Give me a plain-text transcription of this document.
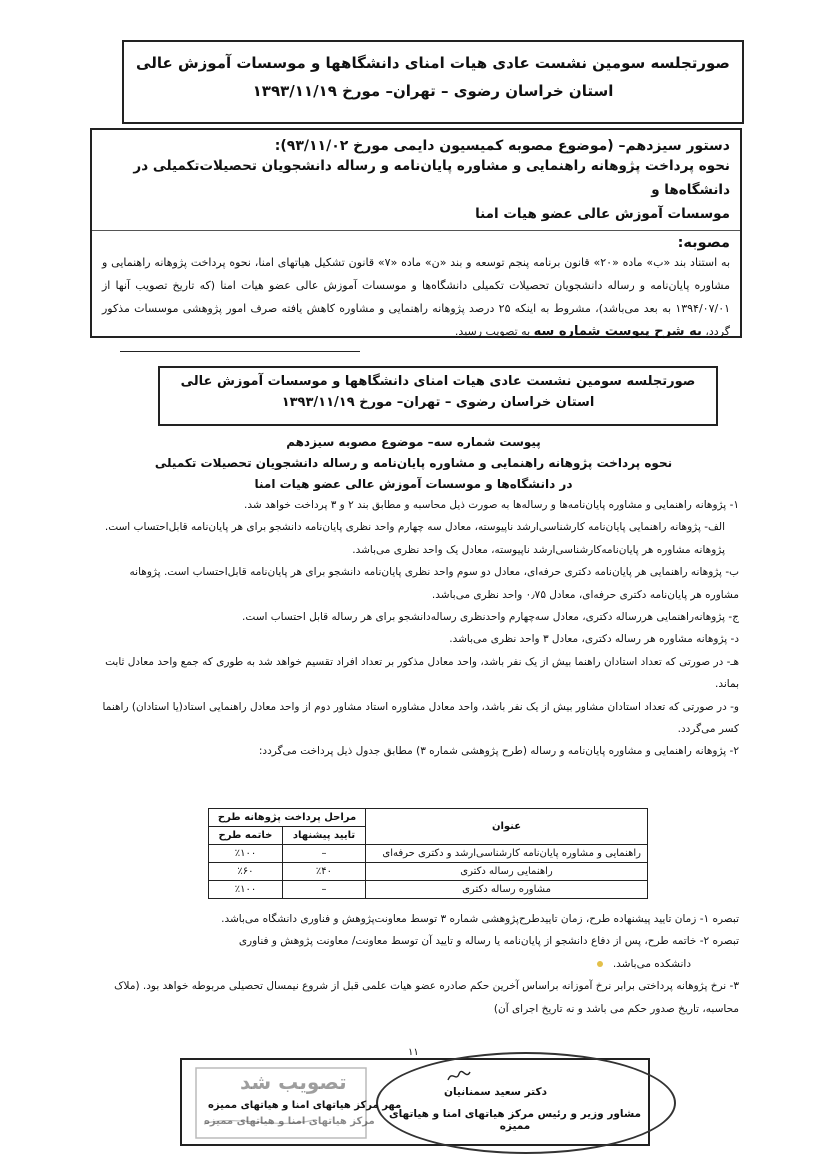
صورتجلسه سومین نشست عادی هیات امنای دانشگاهها و موسسات آموزش عالی
استان خراسان رضوی – تهران– مورخ ۱۳۹۳/۱۱/۱۹
دستور سیزدهم– (موضوع مصوبه کمیسیون دایمی مورخ ۹۳/۱۱/۰۲):
نحوه پرداخت پژوهانه راهنمایی و مشاوره پایان‌نامه و رساله دانشجویان تحصیلات‌تکمیلی در دانشگاه‌ها و
موسسات آموزش عالی عضو هیات امنا
مصوبه:
به استناد بند «ب» ماده «۲۰» قانون برنامه پنجم توسعه و بند «ن» ماده «۷» قانون تشکیل هیاتهای امنا، نحوه پرداخت پژوهانه راهنمایی و مشاوره پایان‌نامه و رساله دانشجویان تحصیلات تکمیلی دانشگاه‌ها و موسسات آموزش عالی عضو هیات امنا (که تاریخ تصویب آنها از ۱۳۹۴/۰۷/۰۱ به بعد می‌باشد)، مشروط به اینکه ۲۵ درصد پژوهانه راهنمایی و مشاوره کاهش یافته صرف امور پژوهشی موسسات مذکور گردد، به شرح پیوست شماره سه به تصویب رسید.
صورتجلسه سومین نشست عادی هیات امنای دانشگاهها و موسسات آموزش عالی
استان خراسان رضوی – تهران– مورخ ۱۳۹۳/۱۱/۱۹
پیوست شماره سه– موضوع مصوبه سیزدهم
نحوه پرداخت پژوهانه راهنمایی و مشاوره پایان‌نامه و رساله دانشجویان تحصیلات تکمیلی
در دانشگاه‌ها و موسسات آموزش عالی عضو هیات امنا

۱- پژوهانه راهنمایی و مشاوره پایان‌نامه‌ها و رساله‌ها به صورت ذیل محاسبه و مطابق بند ۲ و ۳ پرداخت خواهد شد.

الف- پژوهانه راهنمایی پایان‌نامه کارشناسی‌ارشد ناپیوسته، معادل سه چهارم واحد نظری پایان‌نامه دانشجو برای هر پایان‌نامه قابل‌احتساب است. پژوهانه مشاوره هر پایان‌نامه‌کارشناسی‌ارشد ناپیوسته، معادل یک واحد نظری می‌باشد.

ب- پژوهانه راهنمایی هر پایان‌نامه دکتری حرفه‌ای، معادل دو سوم واحد نظری پایان‌نامه دانشجو برای هر پایان‌نامه قابل‌احتساب است. پژوهانه مشاوره هر پایان‌نامه دکتری حرفه‌ای، معادل ۰٫۷۵ واحد نظری می‌باشد.

ج- پژوهانه‌راهنمایی هررساله دکتری، معادل سه‌چهارم واحدنظری رساله‌دانشجو برای هر رساله قابل احتساب است.

د- پژوهانه مشاوره هر رساله دکتری، معادل ۳ واحد نظری می‌باشد.

هـ- در صورتی که تعداد استادان راهنما بیش از یک نفر باشد، واحد معادل مذکور بر تعداد افراد تقسیم خواهد شد به طوری که جمع واحد معادل ثابت بماند.

و- در صورتی که تعداد استادان مشاور بیش از یک نفر باشد، واحد معادل مشاوره استاد مشاور دوم از واحد معادل راهنمایی استاد(یا استادان) راهنما کسر می‌گردد.

۲- پژوهانه راهنمایی و مشاوره پایان‌نامه و رساله (طرح پژوهشی شماره ۳) مطابق جدول ذیل پرداخت می‌گردد:

عنوان	مراحل پرداخت پژوهانه طرح	
	تایید پیشنهاد	خاتمه طرح
راهنمایی و مشاوره پایان‌نامه کارشناسی‌ارشد و دکتری حرفه‌ای	–	٪۱۰۰
راهنمایی رساله دکتری	٪۴۰	٪۶۰
مشاوره رساله دکتری	–	٪۱۰۰

تبصره ۱- زمان تایید پیشنهاده طرح، زمان تاییدطرح‌پژوهشی شماره ۳ توسط معاونت‌پژوهش و فناوری دانشگاه می‌باشد.

تبصره ۲- خاتمه طرح، پس از دفاع دانشجو از پایان‌نامه یا رساله و تایید آن توسط معاونت/ معاونت پژوهش و فناوری

دانشکده می‌باشد.

۳- نرخ پژوهانه پرداختی برابر نرخ آموزانه براساس آخرین حکم صادره عضو هیات علمی قبل از شروع نیمسال تحصیلی مربوطه خواهد بود. (ملاک محاسبه، تاریخ صدور حکم می باشد و نه تاریخ اجرای آن)

۱۱
دکتر سعید سمنانیان
مشاور وزیر و رئیس مرکز هیاتهای امنا و هیاتهای ممیزه
تصویب شد
مهر مرکز هیاتهای امنا و هیاتهای ممیزه
مرکز هیاتهای امنا و هیاتهای ممیزه
